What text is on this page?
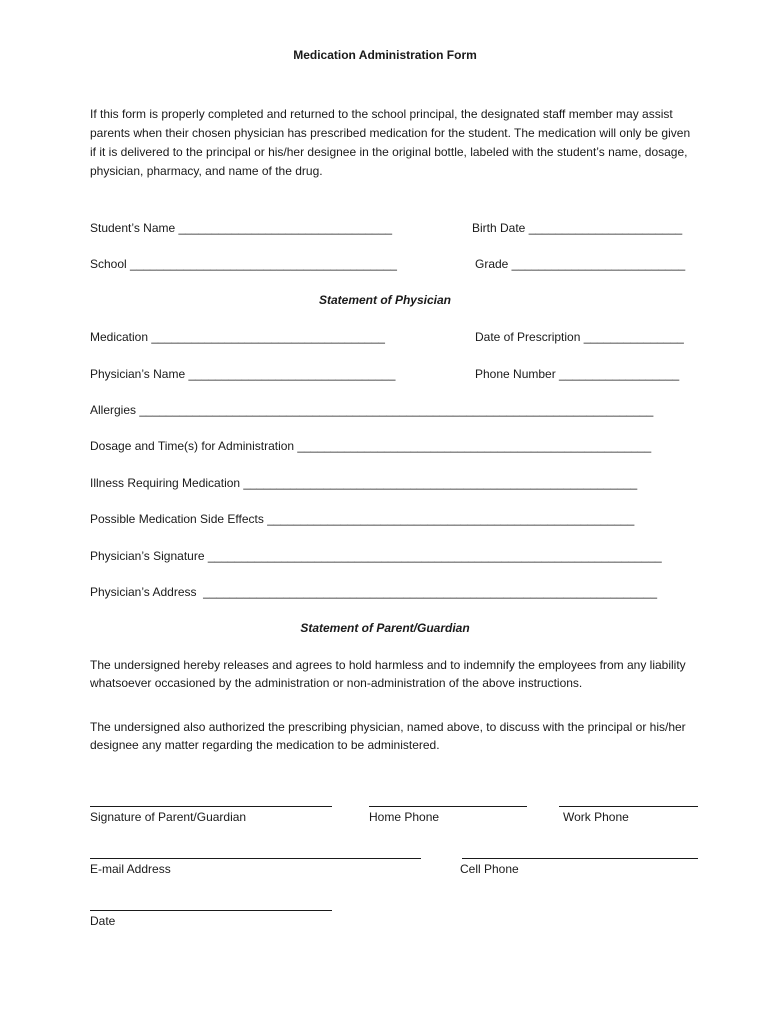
Medication Administration Form
If this form is properly completed and returned to the school principal, the designated staff member may assist parents when their chosen physician has prescribed medication for the student. The medication will only be given if it is delivered to the principal or his/her designee in the original bottle, labeled with the student’s name, dosage, physician, pharmacy, and name of the drug.
Student’s Name ________________________________	Birth Date _______________________
School ________________________________________	Grade __________________________
Statement of Physician
Medication ___________________________________	Date of Prescription _______________
Physician’s Name _______________________________	Phone Number __________________
Allergies _____________________________________________________________________________
Dosage and Time(s) for Administration _____________________________________________________
Illness Requiring Medication ___________________________________________________________
Possible Medication Side Effects _______________________________________________________
Physician’s Signature ____________________________________________________________________
Physician’s Address  ____________________________________________________________________
Statement of Parent/Guardian
The undersigned hereby releases and agrees to hold harmless and to indemnify the employees from any liability whatsoever occasioned by the administration or non-administration of the above instructions.
The undersigned also authorized the prescribing physician, named above, to discuss with the principal or his/her designee any matter regarding the medication to be administered.
Signature of Parent/Guardian	Home Phone	Work Phone
E-mail Address	Cell Phone
Date
